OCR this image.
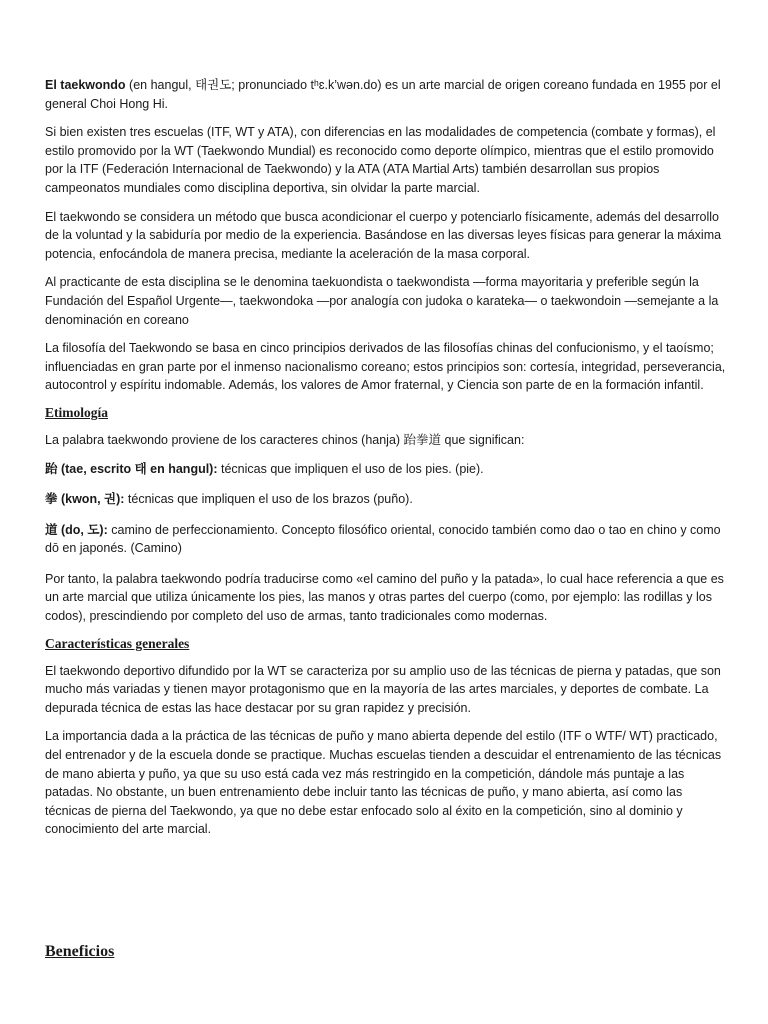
El taekwondo (en hangul, 태권도; pronunciado tʰɛ.k’wən.do) es un arte marcial de origen coreano fundada en 1955 por el general Choi Hong Hi.

Si bien existen tres escuelas (ITF, WT y ATA), con diferencias en las modalidades de competencia (combate y formas), el estilo promovido por la WT (Taekwondo Mundial) es reconocido como deporte olímpico, mientras que el estilo promovido por la ITF (Federación Internacional de Taekwondo) y la ATA (ATA Martial Arts) también desarrollan sus propios campeonatos mundiales como disciplina deportiva, sin olvidar la parte marcial.

El taekwondo se considera un método que busca acondicionar el cuerpo y potenciarlo físicamente, además del desarrollo de la voluntad y la sabiduría por medio de la experiencia. Basándose en las diversas leyes físicas para generar la máxima potencia, enfocándola de manera precisa, mediante la aceleración de la masa corporal.

Al practicante de esta disciplina se le denomina taekuondista o taekwondista —forma mayoritaria y preferible según la Fundación del Español Urgente—, taekwondoka —por analogía con judoka o karateka— o taekwondoin —semejante a la denominación en coreano

La filosofía del Taekwondo se basa en cinco principios derivados de las filosofías chinas del confucionismo, y el taoísmo; influenciadas en gran parte por el inmenso nacionalismo coreano; estos principios son: cortesía, integridad, perseverancia, autocontrol y espíritu indomable. Además, los valores de Amor fraternal, y Ciencia son parte de en la formación infantil.

Etimología

La palabra taekwondo proviene de los caracteres chinos (hanja) 跆拳道 que significan:

跆 (tae, escrito 태 en hangul): técnicas que impliquen el uso de los pies. (pie).

拳 (kwon, 권): técnicas que impliquen el uso de los brazos (puño).

道 (do, 도): camino de perfeccionamiento. Concepto filosófico oriental, conocido también como dao o tao en chino y como dō en japonés. (Camino)

Por tanto, la palabra taekwondo podría traducirse como «el camino del puño y la patada», lo cual hace referencia a que es un arte marcial que utiliza únicamente los pies, las manos y otras partes del cuerpo (como, por ejemplo: las rodillas y los codos), prescindiendo por completo del uso de armas, tanto tradicionales como modernas.

Características generales

El taekwondo deportivo difundido por la WT se caracteriza por su amplio uso de las técnicas de pierna y patadas, que son mucho más variadas y tienen mayor protagonismo que en la mayoría de las artes marciales, y deportes de combate. La depurada técnica de estas las hace destacar por su gran rapidez y precisión.

La importancia dada a la práctica de las técnicas de puño y mano abierta depende del estilo (ITF o WTF/ WT) practicado, del entrenador y de la escuela donde se practique. Muchas escuelas tienden a descuidar el entrenamiento de las técnicas de mano abierta y puño, ya que su uso está cada vez más restringido en la competición, dándole más puntaje a las patadas. No obstante, un buen entrenamiento debe incluir tanto las técnicas de puño, y mano abierta, así como las técnicas de pierna del Taekwondo, ya que no debe estar enfocado solo al éxito en la competición, sino al dominio y conocimiento del arte marcial.

Beneficios
